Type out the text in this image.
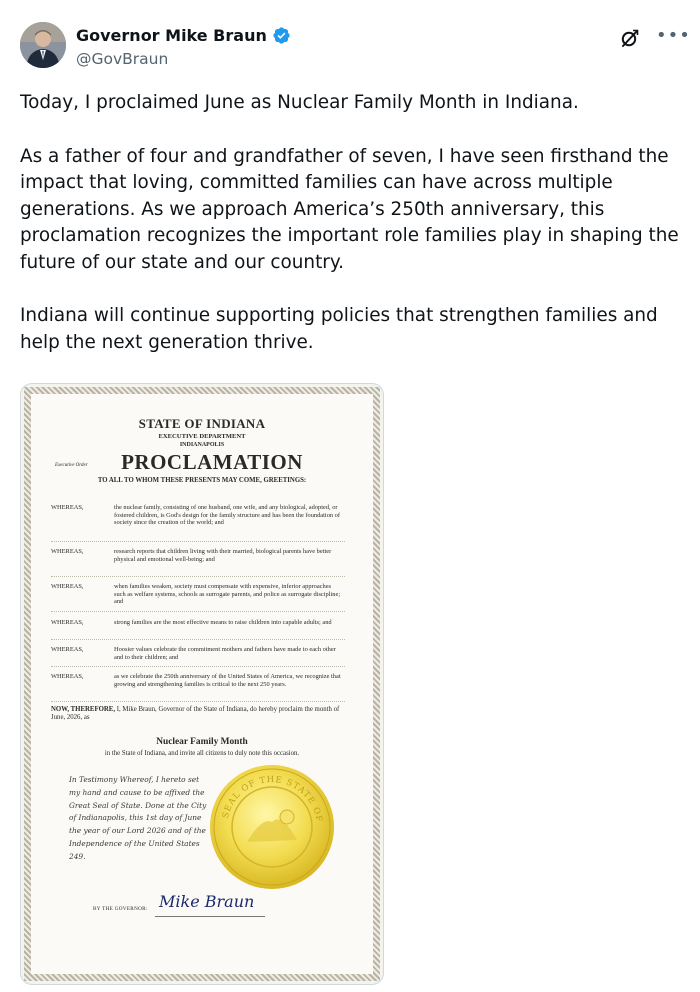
Governor Mike Braun
@GovBraun
•••

Today, I proclaimed June as Nuclear Family Month in Indiana.

As a father of four and grandfather of seven, I have seen firsthand the impact that loving, committed families can have across multiple generations. As we approach America’s 250th anniversary, this proclamation recognizes the important role families play in shaping the future of our state and our country.

Indiana will continue supporting policies that strengthen families and help the next generation thrive.

STATE OF INDIANA
EXECUTIVE DEPARTMENT
INDIANAPOLIS
Executive Order	PROCLAMATION
TO ALL TO WHOM THESE PRESENTS MAY COME, GREETINGS:
WHEREAS,	the nuclear family, consisting of one husband, one wife, and any biological, adopted, or fostered children, is God's design for the family structure and has been the foundation of society since the creation of the world; and
WHEREAS,	research reports that children living with their married, biological parents have better physical and emotional well-being; and
WHEREAS,	when families weaken, society must compensate with expensive, inferior approaches such as welfare systems, schools as surrogate parents, and police as surrogate discipline; and
WHEREAS,	strong families are the most effective means to raise children into capable adults; and
WHEREAS,	Hoosier values celebrate the commitment mothers and fathers have made to each other and to their children; and
WHEREAS,	as we celebrate the 250th anniversary of the United States of America, we recognize that growing and strengthening families is critical to the next 250 years.
NOW, THEREFORE, I, Mike Braun, Governor of the State of Indiana, do hereby proclaim the month of June, 2026, as
Nuclear Family Month
in the State of Indiana, and invite all citizens to duly note this occasion.
In Testimony Whereof, I hereto set my hand and cause to be affixed the Great Seal of State. Done at the City of Indianapolis, this 1st day of June the year of our Lord 2026 and of the Independence of the United States 249.
SEAL OF THE STATE OF
Mike Braun
BY THE GOVERNOR:
